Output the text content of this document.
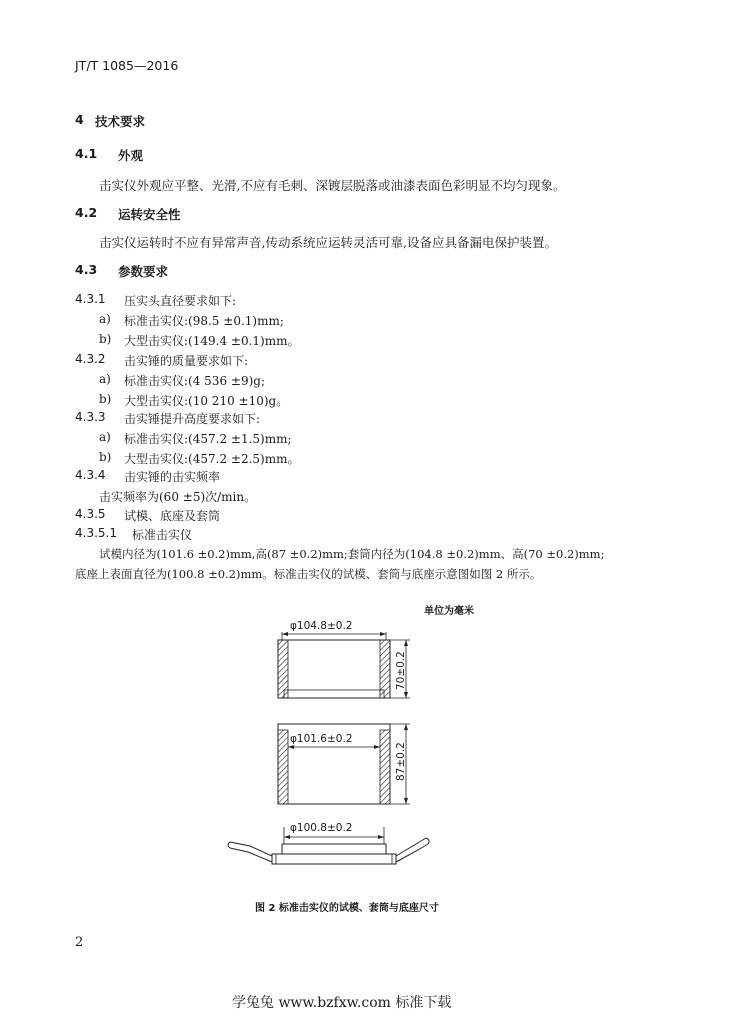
JT/T 1085—2016
4 技术要求
4.1 外观
击实仪外观应平整、光滑,不应有毛刺、深镀层脱落或油漆表面色彩明显不均匀现象。
4.2 运转安全性
击实仪运转时不应有异常声音,传动系统应运转灵活可靠,设备应具备漏电保护装置。
4.3 参数要求
4.3.1 压实头直径要求如下:
a) 标准击实仪:(98.5 ±0.1)mm;
b) 大型击实仪:(149.4 ±0.1)mm。
4.3.2 击实锤的质量要求如下:
a) 标准击实仪:(4 536 ±9)g;
b) 大型击实仪:(10 210 ±10)g。
4.3.3 击实锤提升高度要求如下:
a) 标准击实仪:(457.2 ±1.5)mm;
b) 大型击实仪:(457.2 ±2.5)mm。
4.3.4 击实锤的击实频率
击实频率为(60 ±5)次/min。
4.3.5 试模、底座及套筒
4.3.5.1 标准击实仪
试模内径为(101.6 ±0.2)mm,高(87 ±0.2)mm;套筒内径为(104.8 ±0.2)mm、高(70 ±0.2)mm;
底座上表面直径为(100.8 ±0.2)mm。标准击实仪的试模、套筒与底座示意图如图 2 所示。
单位为毫米
φ104.8±0.2
70±0.2
φ101.6±0.2
87±0.2
φ100.8±0.2
图 2 标准击实仪的试模、套筒与底座尺寸
2
学兔兔 www.bzfxw.com 标准下载
